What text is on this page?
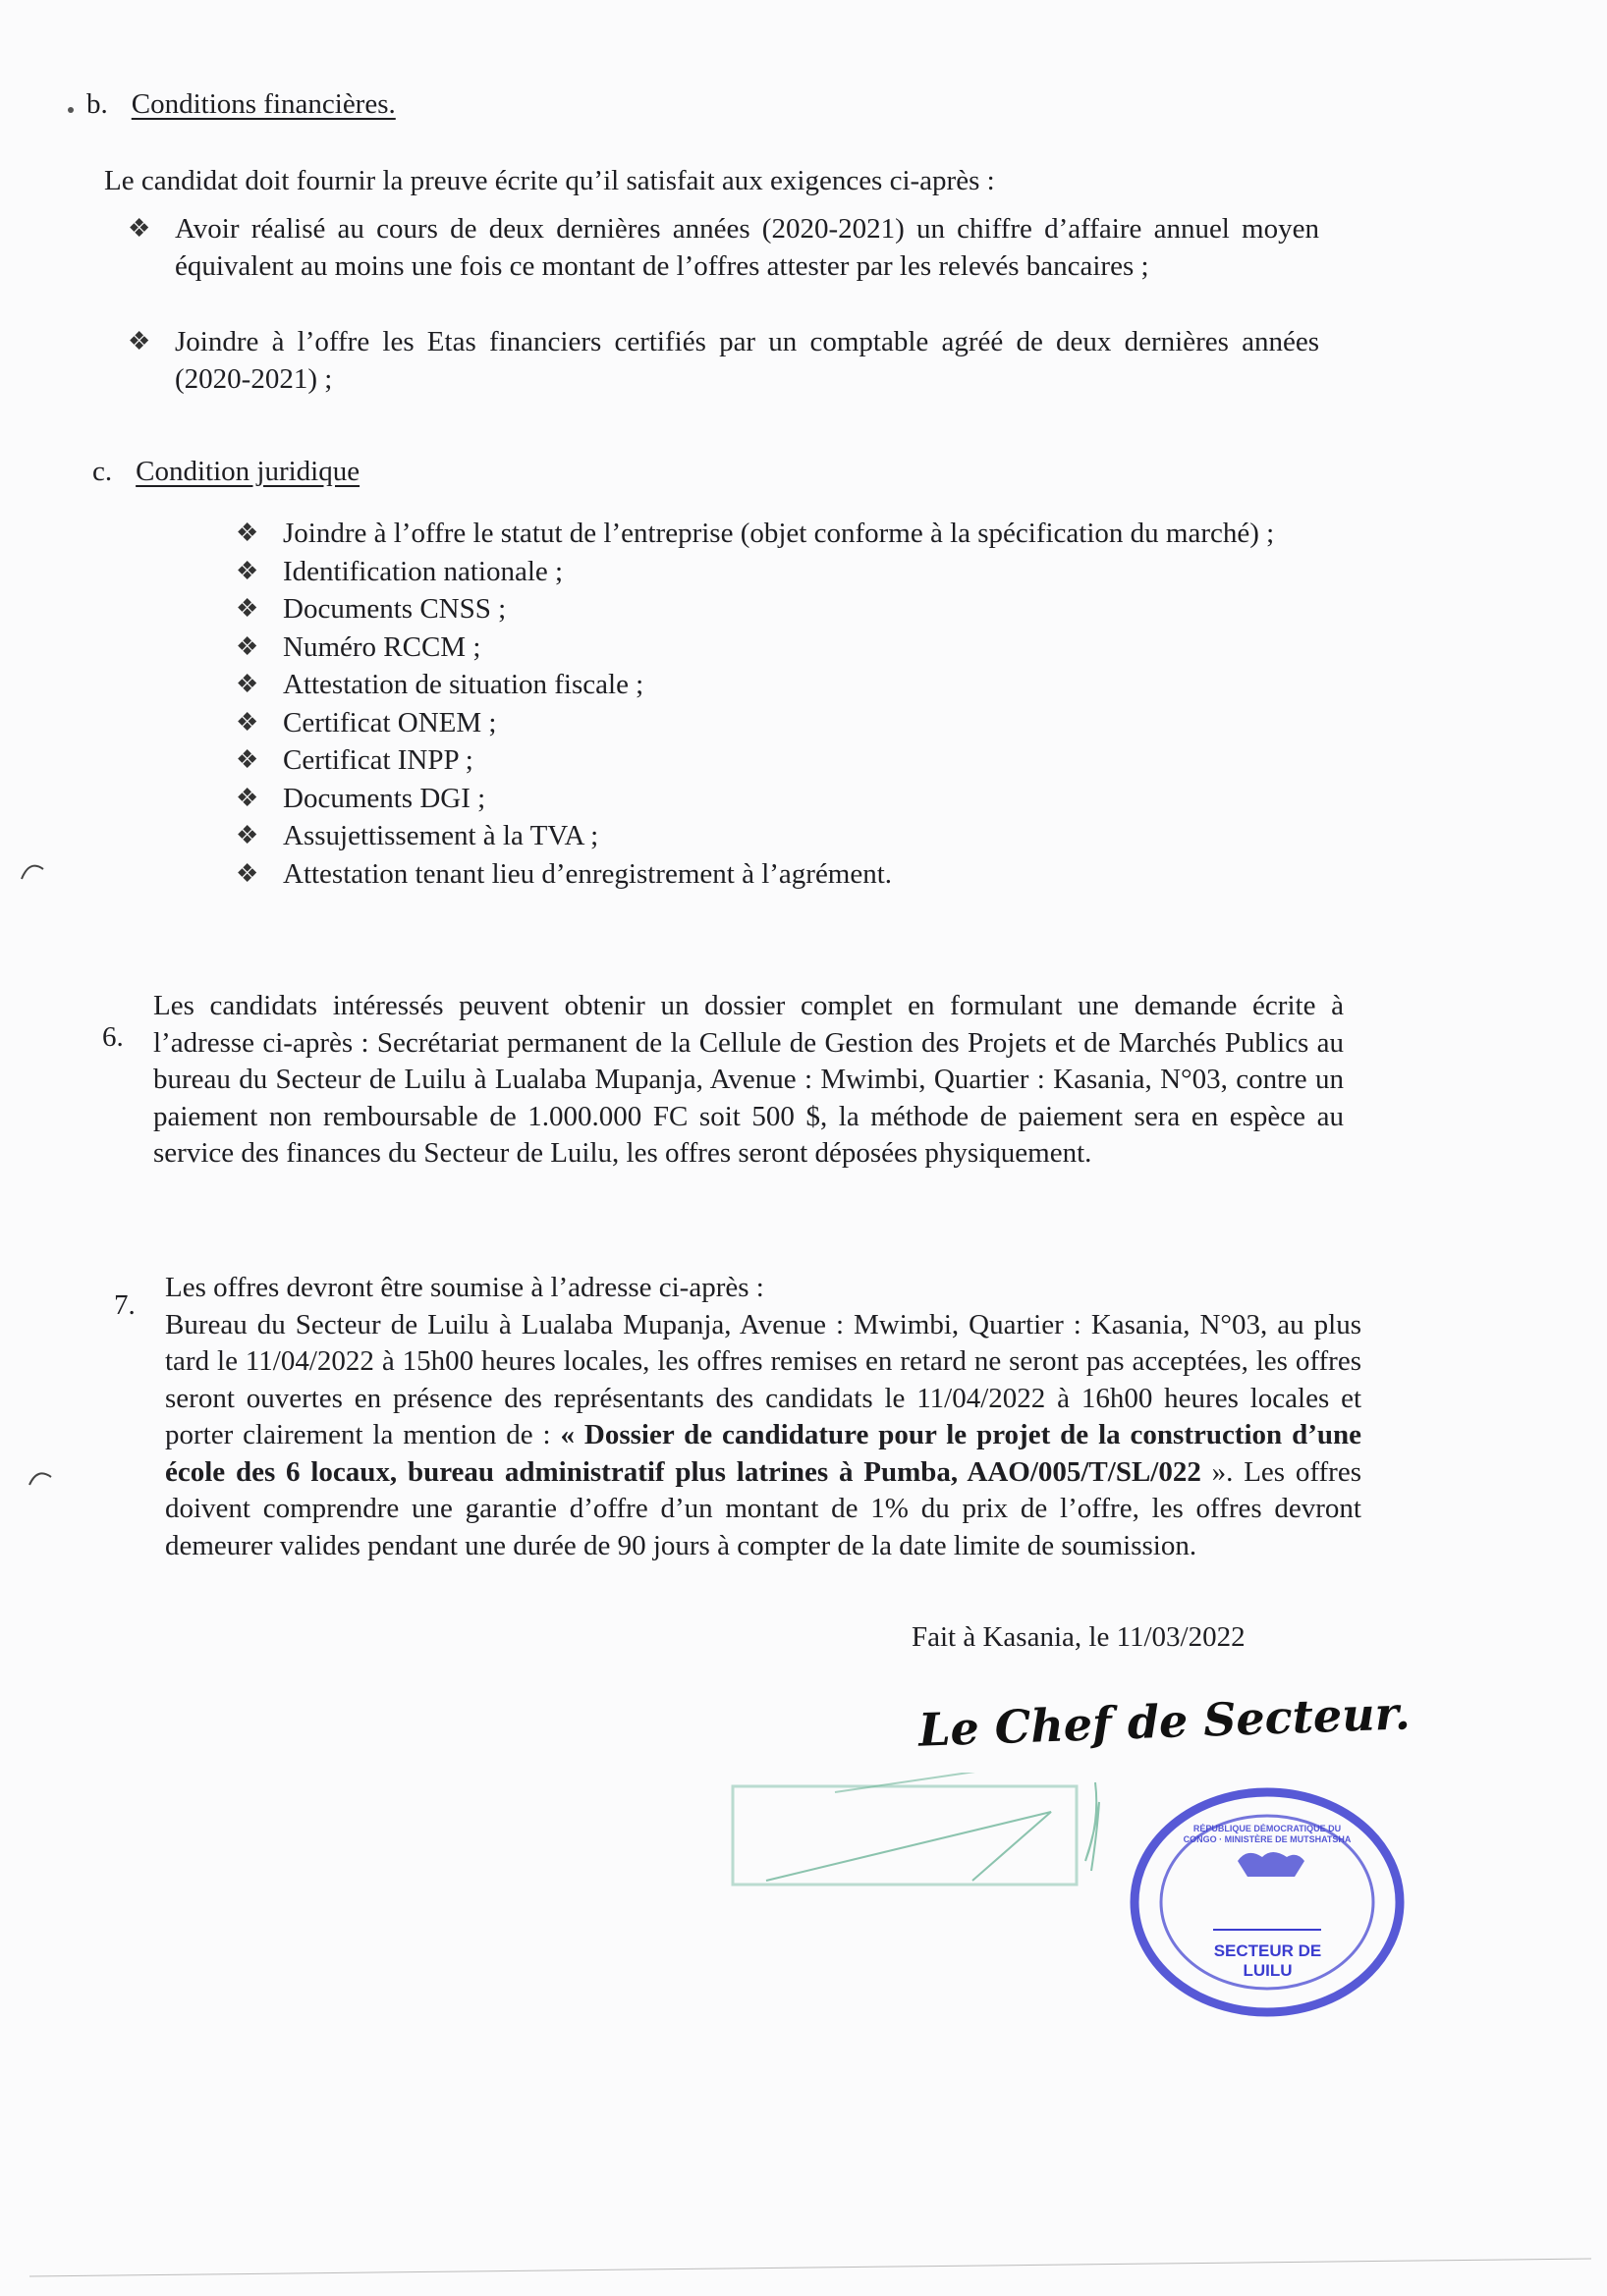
b. Conditions financières.
Le candidat doit fournir la preuve écrite qu’il satisfait aux exigences ci-après :
❖ Avoir réalisé au cours de deux dernières années (2020-2021) un chiffre d’affaire annuel moyen équivalent au moins une fois ce montant de l’offres attester par les relevés bancaires ;
❖ Joindre à l’offre les Etas financiers certifiés par un comptable agréé de deux dernières années (2020-2021) ;
c. Condition juridique
❖ Joindre à l’offre le statut de l’entreprise (objet conforme à la spécification du marché) ;
❖ Identification nationale ;
❖ Documents CNSS ;
❖ Numéro RCCM ;
❖ Attestation de situation fiscale ;
❖ Certificat ONEM ;
❖ Certificat INPP ;
❖ Documents DGI ;
❖ Assujettissement à la TVA ;
❖ Attestation tenant lieu d’enregistrement à l’agrément.
6.
Les candidats intéressés peuvent obtenir un dossier complet en formulant une demande écrite à l’adresse ci-après : Secrétariat permanent de la Cellule de Gestion des Projets et de Marchés Publics au bureau du Secteur de Luilu à Lualaba Mupanja, Avenue : Mwimbi, Quartier : Kasania, N°03, contre un paiement non remboursable de 1.000.000 FC soit 500 $, la méthode de paiement sera en espèce au service des finances du Secteur de Luilu, les offres seront déposées physiquement.
7.
Les offres devront être soumise à l’adresse ci-après :
Bureau du Secteur de Luilu à Lualaba Mupanja, Avenue : Mwimbi, Quartier : Kasania, N°03, au plus tard le 11/04/2022 à 15h00 heures locales, les offres remises en retard ne seront pas acceptées, les offres seront ouvertes en présence des représentants des candidats le 11/04/2022 à 16h00 heures locales et porter clairement la mention de : « Dossier de candidature pour le projet de la construction d’une école des 6 locaux, bureau administratif plus latrines à Pumba, AAO/005/T/SL/022 ». Les offres doivent comprendre une garantie d’offre d’un montant de 1% du prix de l’offre, les offres devront demeurer valides pendant une durée de 90 jours à compter de la date limite de soumission.
Fait à Kasania, le 11/03/2022
Le Chef de Secteur.
SECTEUR DE LUILU
RÉPUBLIQUE DÉMOCRATIQUE DU CONGO · MINISTÈRE DE MUTSHATSHA
